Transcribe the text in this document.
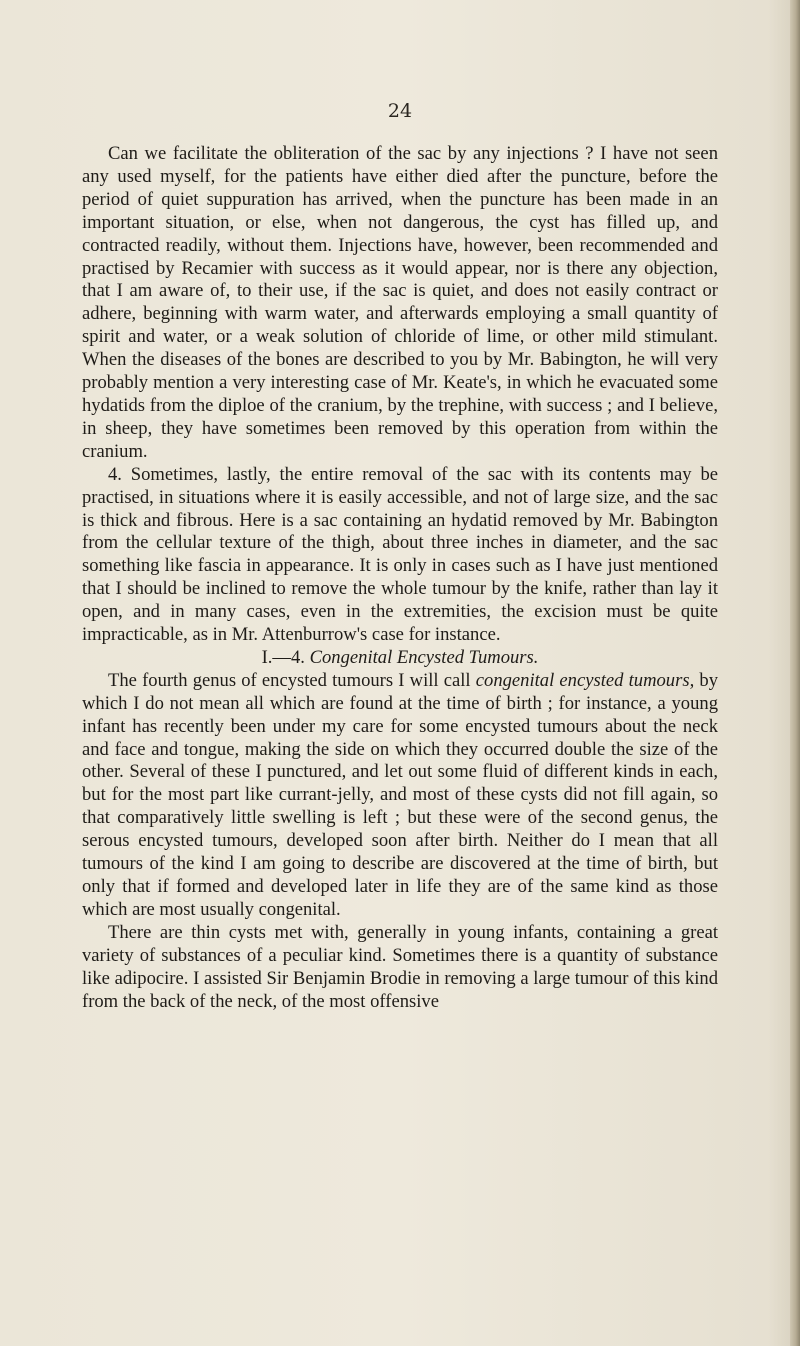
24

Can we facilitate the obliteration of the sac by any injections ? I have not seen any used myself, for the patients have either died after the puncture, before the period of quiet suppuration has arrived, when the puncture has been made in an important situation, or else, when not dangerous, the cyst has filled up, and contracted readily, without them. Injections have, however, been recommended and practised by Recamier with success as it would appear, nor is there any objection, that I am aware of, to their use, if the sac is quiet, and does not easily contract or adhere, beginning with warm water, and afterwards employing a small quantity of spirit and water, or a weak solution of chloride of lime, or other mild stimulant. When the diseases of the bones are described to you by Mr. Babington, he will very probably mention a very interesting case of Mr. Keate's, in which he evacuated some hydatids from the diploe of the cranium, by the trephine, with success ; and I believe, in sheep, they have sometimes been removed by this operation from within the cranium.

4. Sometimes, lastly, the entire removal of the sac with its contents may be practised, in situations where it is easily accessible, and not of large size, and the sac is thick and fibrous. Here is a sac containing an hydatid removed by Mr. Babington from the cellular texture of the thigh, about three inches in diameter, and the sac something like fascia in appearance. It is only in cases such as I have just mentioned that I should be inclined to remove the whole tumour by the knife, rather than lay it open, and in many cases, even in the extremities, the excision must be quite impracticable, as in Mr. Attenburrow's case for instance.

I.—4. Congenital Encysted Tumours.

The fourth genus of encysted tumours I will call congenital encysted tumours, by which I do not mean all which are found at the time of birth ; for instance, a young infant has recently been under my care for some encysted tumours about the neck and face and tongue, making the side on which they occurred double the size of the other. Several of these I punctured, and let out some fluid of different kinds in each, but for the most part like currant-jelly, and most of these cysts did not fill again, so that comparatively little swelling is left ; but these were of the second genus, the serous encysted tumours, developed soon after birth. Neither do I mean that all tumours of the kind I am going to describe are discovered at the time of birth, but only that if formed and developed later in life they are of the same kind as those which are most usually congenital.

There are thin cysts met with, generally in young infants, containing a great variety of substances of a peculiar kind. Sometimes there is a quantity of substance like adipocire. I assisted Sir Benjamin Brodie in removing a large tumour of this kind from the back of the neck, of the most offensive
